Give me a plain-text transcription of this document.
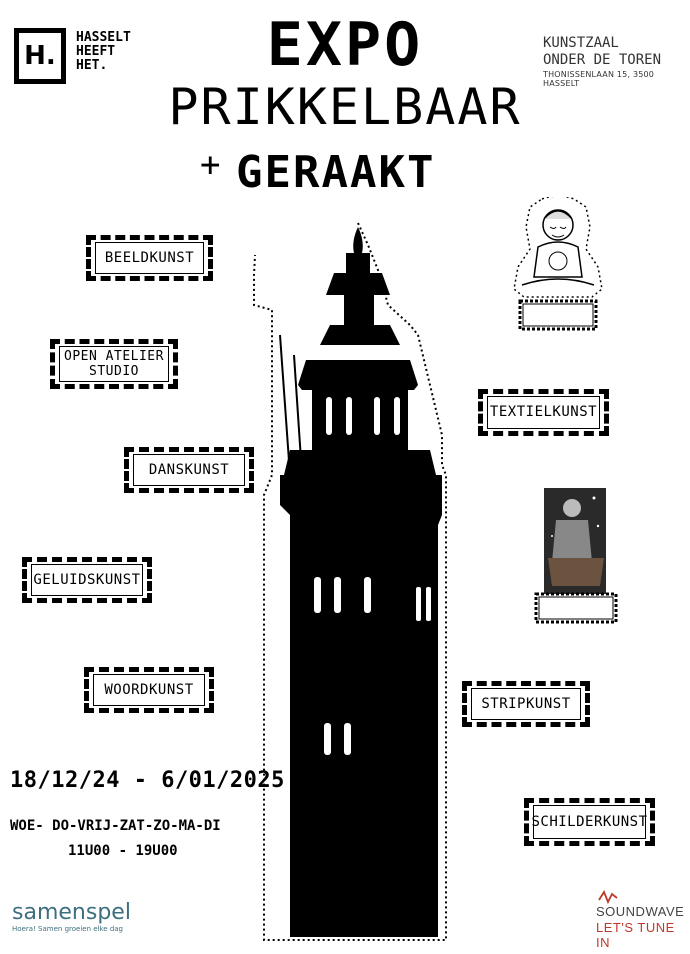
H.
HASSELT
HEEFT
HET.	EXPO
PRIKKELBAAR
+ GERAAKT
KUNSTZAAL
ONDER DE TOREN
THONISSENLAAN 15, 3500 HASSELT
BEELDKUNST
OPEN ATELIER
STUDIO
DANSKUNST
GELUIDSKUNST
WOORDKUNST
TEXTIELKUNST
STRIPKUNST
SCHILDERKUNST
18/12/24 - 6/01/2025
WOE- DO-VRIJ-ZAT-ZO-MA-DI
11U00 - 19U00
samenspel
Hoera! Samen groeien elke dag
SOUNDWAVE
LET'S TUNE IN
